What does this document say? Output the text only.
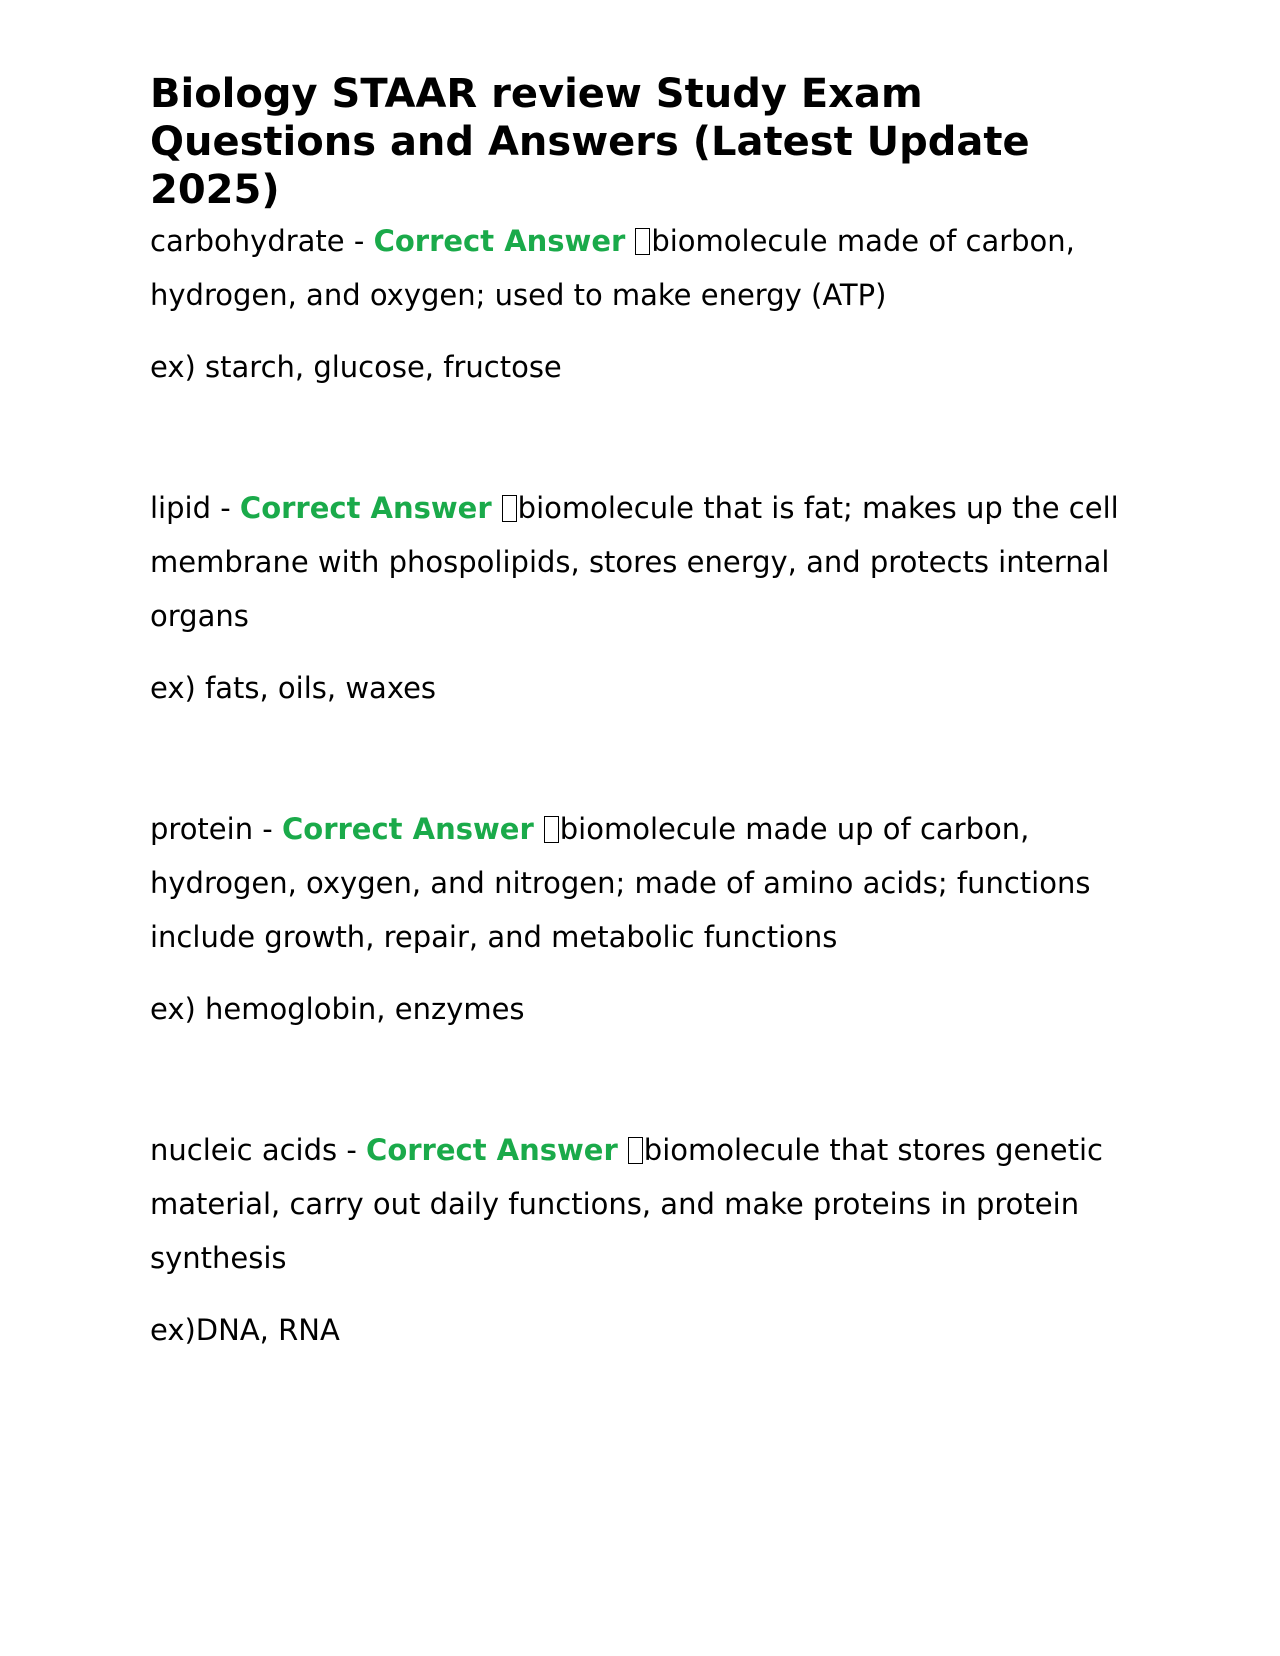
Biology STAAR review Study Exam Questions and Answers (Latest Update 2025)

carbohydrate - Correct Answer biomolecule made of carbon, hydrogen, and oxygen; used to make energy (ATP)

ex) starch, glucose, fructose

lipid - Correct Answer biomolecule that is fat; makes up the cell membrane with phospolipids, stores energy, and protects internal organs

ex) fats, oils, waxes

protein - Correct Answer biomolecule made up of carbon, hydrogen, oxygen, and nitrogen; made of amino acids; functions include growth, repair, and metabolic functions

ex) hemoglobin, enzymes

nucleic acids - Correct Answer biomolecule that stores genetic material, carry out daily functions, and make proteins in protein synthesis

ex)DNA, RNA
